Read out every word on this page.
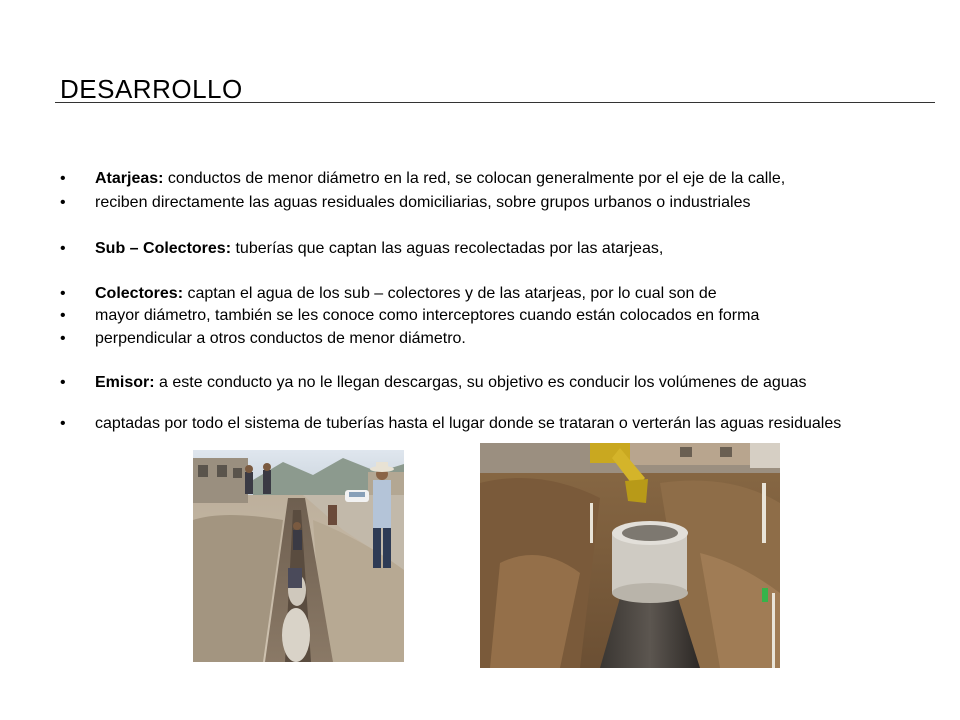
DESARROLLO
• Atarjeas: conductos de menor diámetro en la red, se colocan generalmente por el eje de la calle,
• reciben directamente las aguas residuales domiciliarias, sobre grupos urbanos o industriales
• Sub – Colectores: tuberías que captan las aguas recolectadas por las atarjeas,
• Colectores: captan el agua de los sub – colectores y de las atarjeas, por lo cual son de
• mayor diámetro, también se les conoce como interceptores cuando están colocados en forma
• perpendicular a otros conductos de menor diámetro.
• Emisor: a este conducto ya no le llegan descargas, su objetivo es conducir los volúmenes de aguas
• captadas por todo el sistema de tuberías hasta el lugar donde se trataran o verterán las aguas residuales
